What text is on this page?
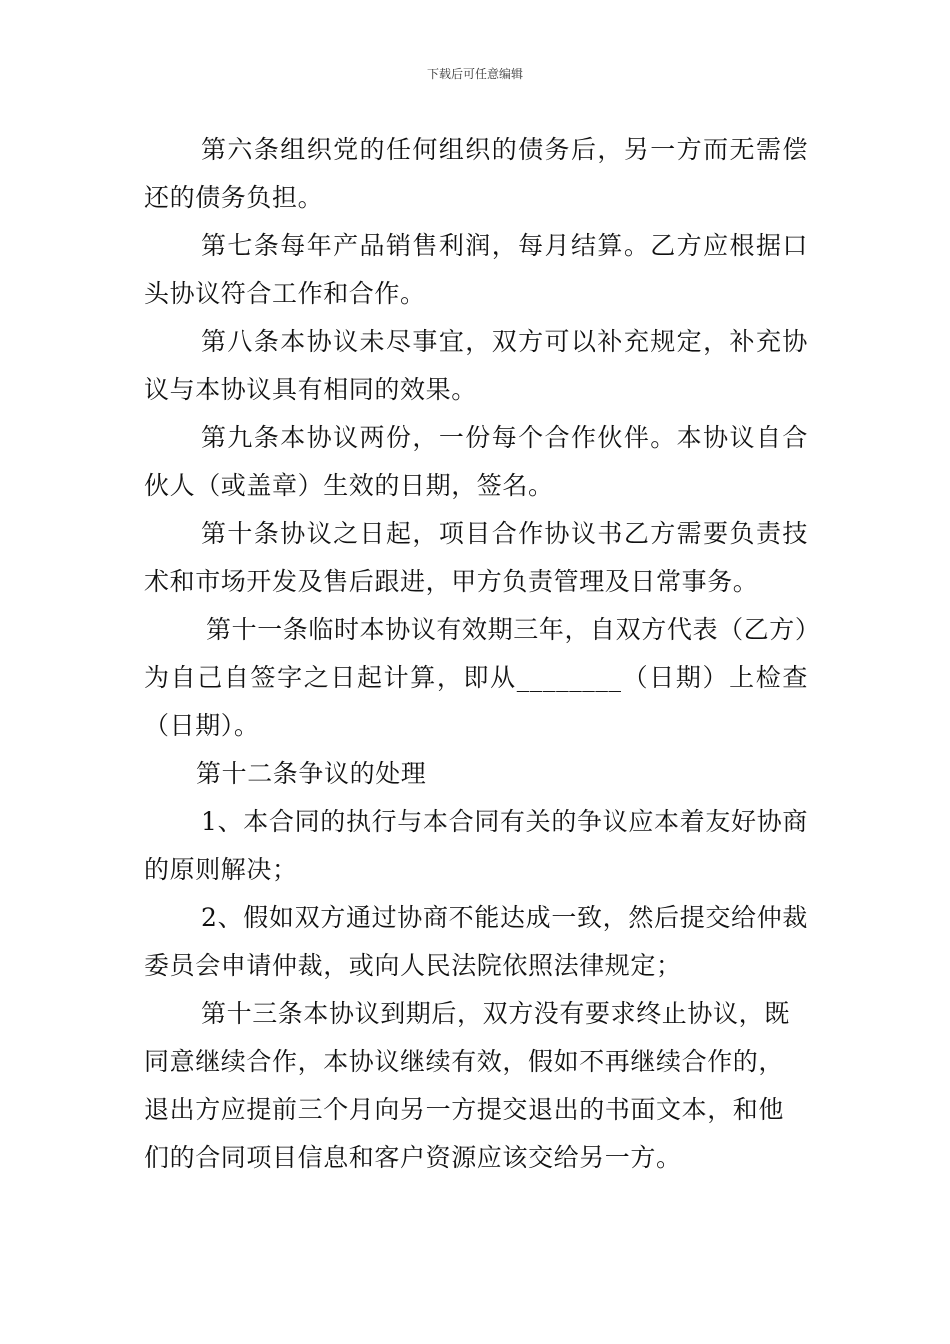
下载后可任意编辑

第六条组织党的任何组织的债务后，另一方而无需偿还的债务负担。

第七条每年产品销售利润，每月结算。乙方应根据口头协议符合工作和合作。

第八条本协议未尽事宜，双方可以补充规定，补充协议与本协议具有相同的效果。

第九条本协议两份，一份每个合作伙伴。本协议自合伙人（或盖章）生效的日期，签名。

第十条协议之日起，项目合作协议书乙方需要负责技术和市场开发及售后跟进，甲方负责管理及日常事务。

第十一条临时本协议有效期三年，自双方代表（乙方）为自己自签字之日起计算，即从________（日期）上检查（日期）。

第十二条争议的处理

1、本合同的执行与本合同有关的争议应本着友好协商的原则解决；

2、假如双方通过协商不能达成一致，然后提交给仲裁委员会申请仲裁，或向人民法院依照法律规定；

第十三条本协议到期后，双方没有要求终止协议，既同意继续合作，本协议继续有效，假如不再继续合作的，退出方应提前三个月向另一方提交退出的书面文本，和他们的合同项目信息和客户资源应该交给另一方。
